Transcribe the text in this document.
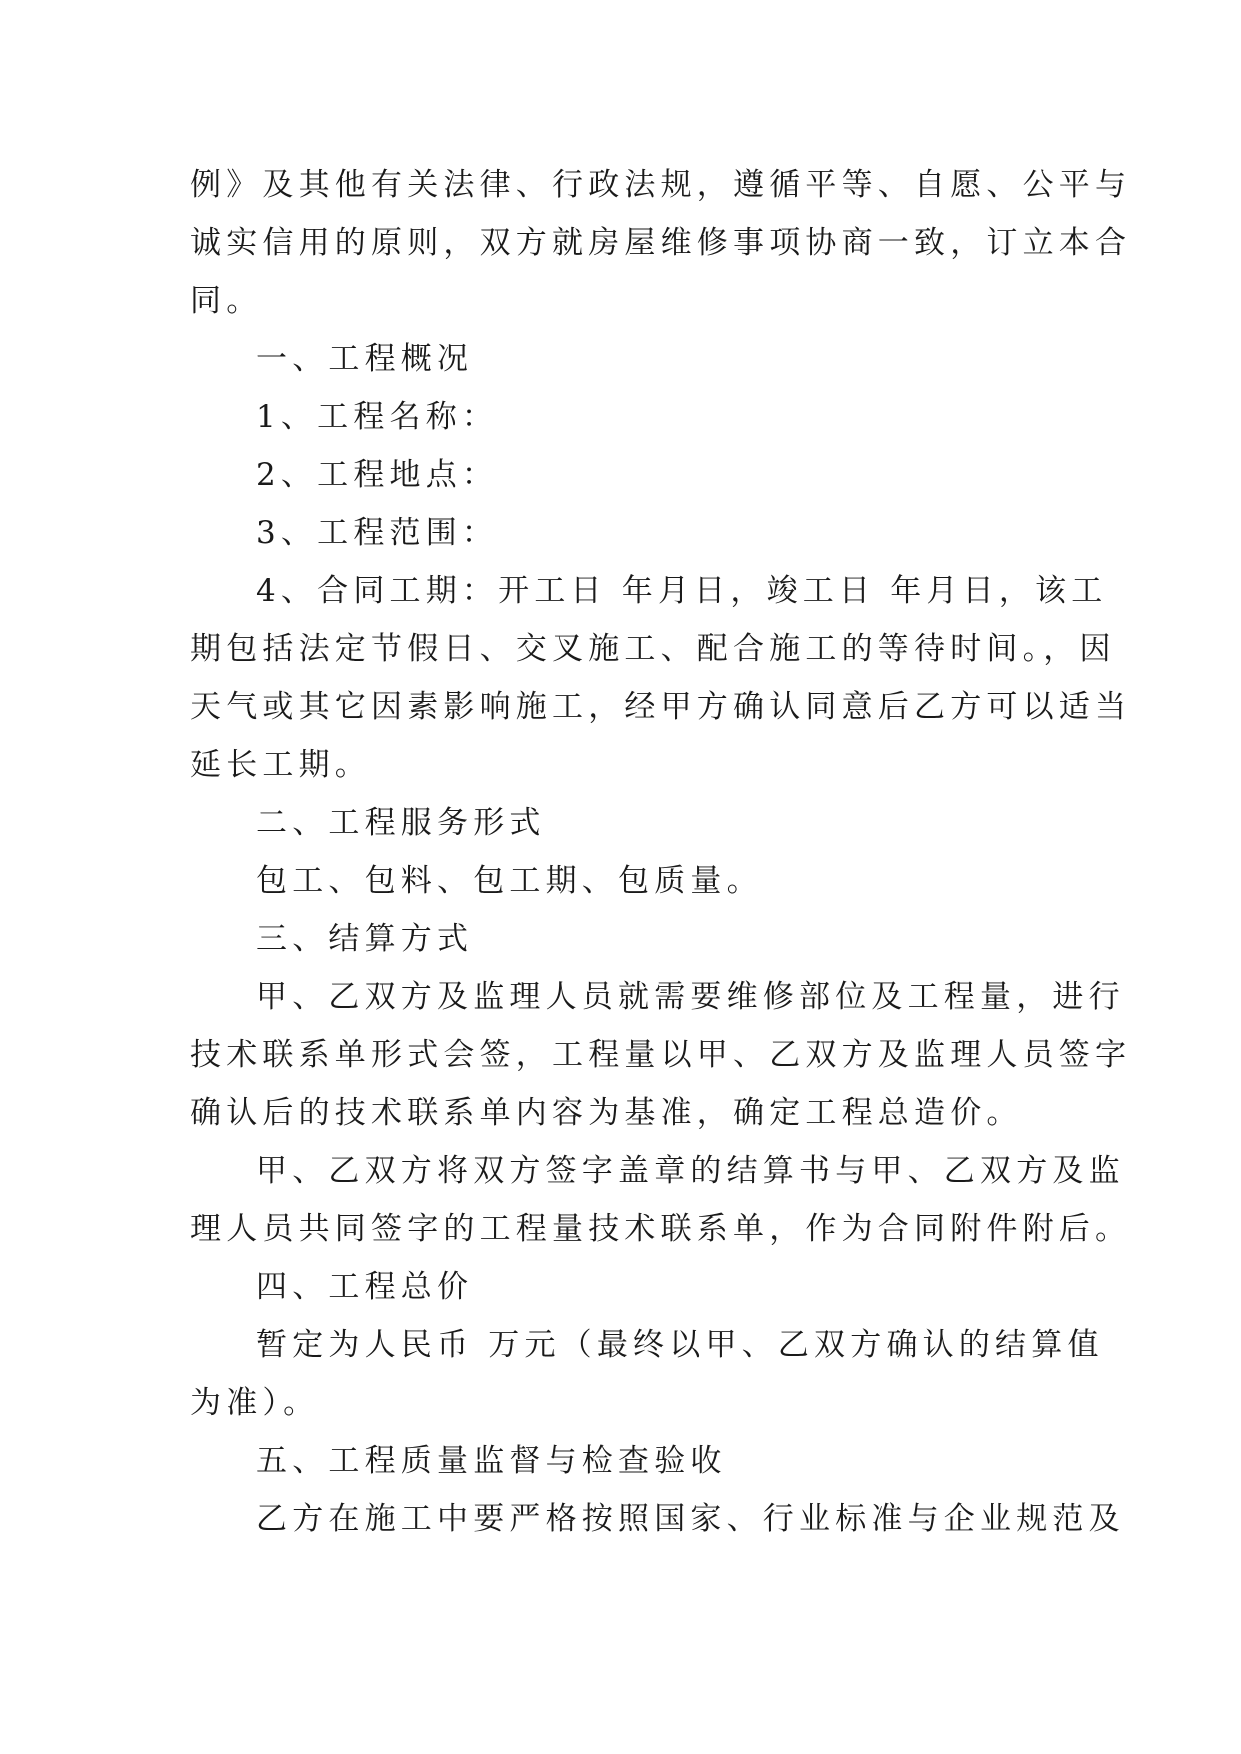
例》及其他有关法律、行政法规，遵循平等、自愿、公平与
诚实信用的原则，双方就房屋维修事项协商一致，订立本合
同。
一、工程概况
1、工程名称：
2、工程地点：
3、工程范围：
4、合同工期：开工日 年月日，竣工日 年月日，该工
期包括法定节假日、交叉施工、配合施工的等待时间。，因
天气或其它因素影响施工，经甲方确认同意后乙方可以适当
延长工期。
二、工程服务形式
包工、包料、包工期、包质量。
三、结算方式
甲、乙双方及监理人员就需要维修部位及工程量，进行
技术联系单形式会签，工程量以甲、乙双方及监理人员签字
确认后的技术联系单内容为基准，确定工程总造价。
甲、乙双方将双方签字盖章的结算书与甲、乙双方及监
理人员共同签字的工程量技术联系单，作为合同附件附后。
四、工程总价
暂定为人民币 万元（最终以甲、乙双方确认的结算值
为准）。
五、工程质量监督与检查验收
乙方在施工中要严格按照国家、行业标准与企业规范及
